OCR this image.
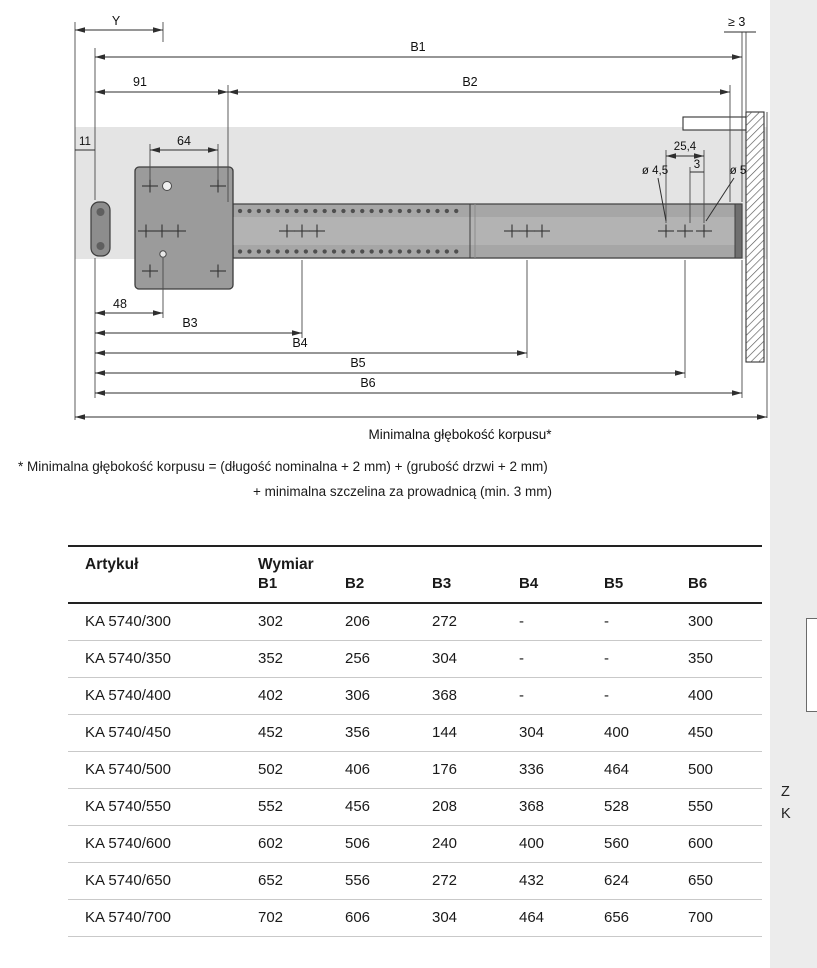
Y
B1
91	B2
11	64	25,4
3
≥ 3
ø 4,5	ø 5
48
B3
B4
B5
B6
Minimalna głębokość korpusu*
* Minimalna głębokość korpusu = (długość nominalna + 2 mm) + (grubość drzwi + 2 mm)
+ minimalna szczelina za prowadnicą (min. 3 mm)
Artykuł	Wymiar					
	B1	B2	B3	B4	B5	B6
KA 5740/300	302	206	272	-	-	300
KA 5740/350	352	256	304	-	-	350
KA 5740/400	402	306	368	-	-	400
KA 5740/450	452	356	144	304	400	450
KA 5740/500	502	406	176	336	464	500
KA 5740/550	552	456	208	368	528	550
KA 5740/600	602	506	240	400	560	600
KA 5740/650	652	556	272	432	624	650
KA 5740/700	702	606	304	464	656	700
Z
K
